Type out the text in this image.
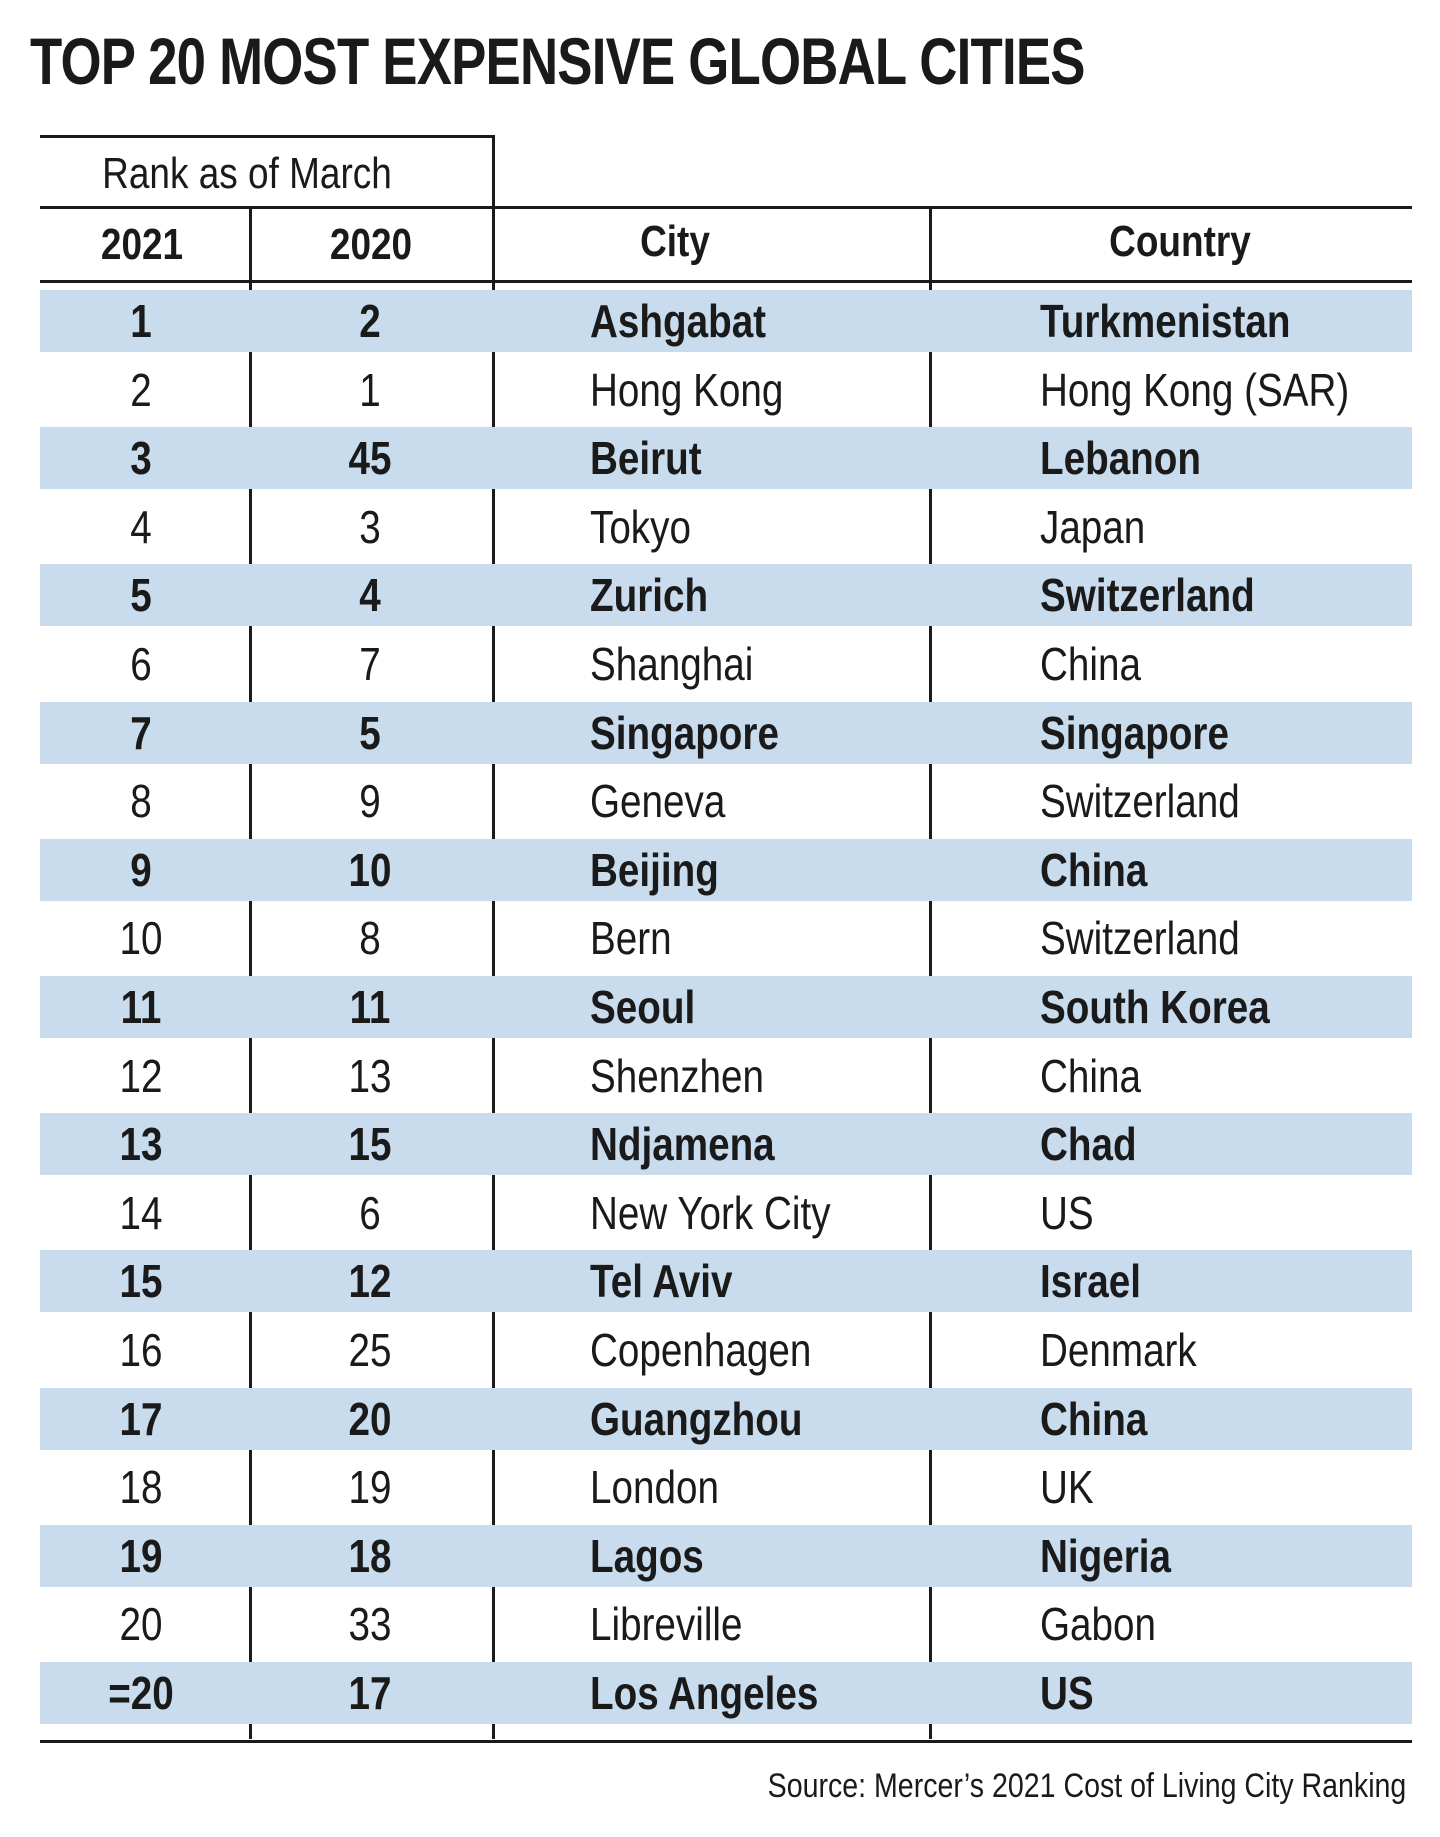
TOP 20 MOST EXPENSIVE GLOBAL CITIES
Rank as of March
2021	2020	City	Country
1	2	Ashgabat	Turkmenistan
2	1	Hong Kong	Hong Kong (SAR)
3	45	Beirut	Lebanon
4	3	Tokyo	Japan
5	4	Zurich	Switzerland
6	7	Shanghai	China
7	5	Singapore	Singapore
8	9	Geneva	Switzerland
9	10	Beijing	China
10	8	Bern	Switzerland
11	11	Seoul	South Korea
12	13	Shenzhen	China
13	15	Ndjamena	Chad
14	6	New York City	US
15	12	Tel Aviv	Israel
16	25	Copenhagen	Denmark
17	20	Guangzhou	China
18	19	London	UK
19	18	Lagos	Nigeria
20	33	Libreville	Gabon
=20	17	Los Angeles	US
Source: Mercer’s 2021 Cost of Living City Ranking
